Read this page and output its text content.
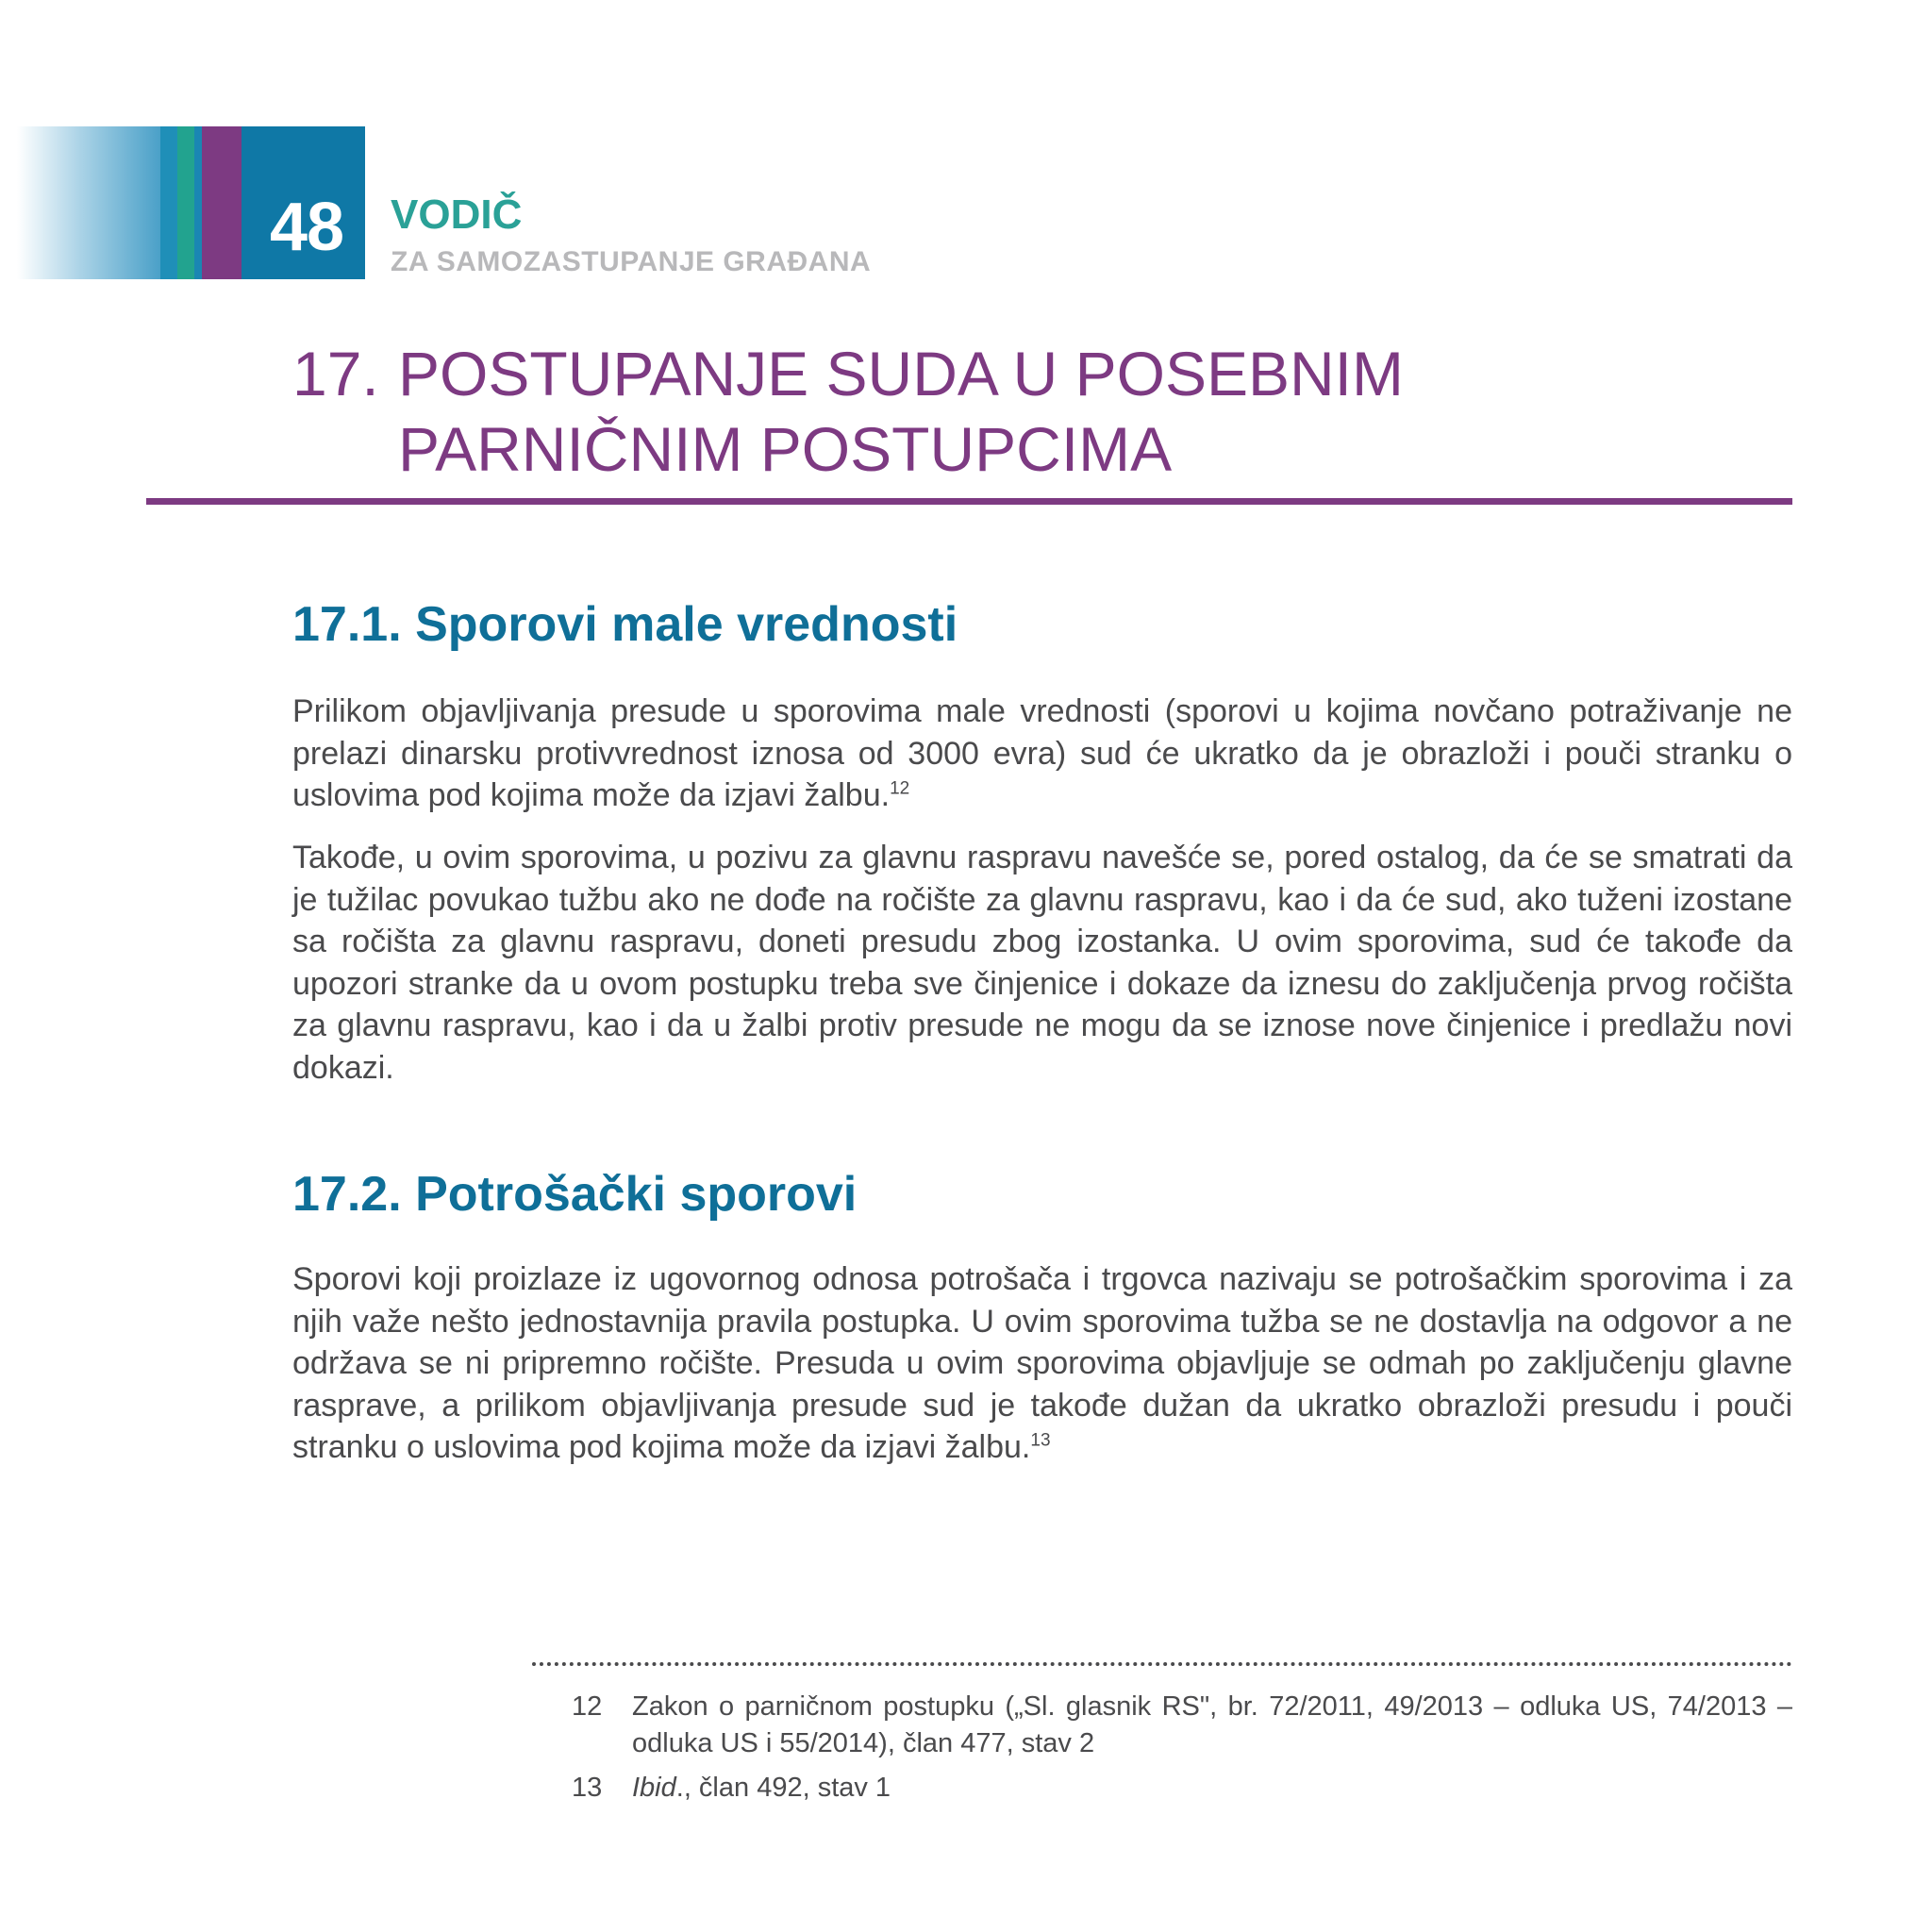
48 VODIČ
ZA SAMOZASTUPANJE GRAĐANA
17. POSTUPANJE SUDA U POSEBNIM
PARNIČNIM POSTUPCIMA
17.1. Sporovi male vrednosti
Prilikom objavljivanja presude u sporovima male vrednosti (sporovi u kojima novčano potraživanje ne prelazi dinarsku protivvrednost iznosa od 3000 evra) sud će ukratko da je obrazloži i pouči stranku o uslovima pod kojima može da izjavi žalbu.$^{12}$
Takođe, u ovim sporovima, u pozivu za glavnu raspravu navešće se, pored ostalog, da će se smatrati da je tužilac povukao tužbu ako ne dođe na ročište za glavnu raspravu, kao i da će sud, ako tuženi izostane sa ročišta za glavnu raspravu, doneti presudu zbog izostanka. U ovim sporovima, sud će takođe da upozori stranke da u ovom postupku treba sve činjenice i dokaze da iznesu do zaključenja prvog ročišta za glavnu raspravu, kao i da u žalbi protiv presude ne mogu da se iznose nove činjenice i predlažu novi dokazi.
17.2. Potrošački sporovi
Sporovi koji proizlaze iz ugovornog odnosa potrošača i trgovca nazivaju se potrošačkim sporovima i za njih važe nešto jednostavnija pravila postupka. U ovim sporovima tužba se ne dostavlja na odgovor a ne održava se ni pripremno ročište. Presuda u ovim sporovima objavljuje se odmah po zaključenju glavne rasprave, a prilikom objavljivanja presude sud je takođe dužan da ukratko obrazloži presudu i pouči stranku o uslovima pod kojima može da izjavi žalbu.$^{13}$
12 Zakon o parničnom postupku („Sl. glasnik RS", br. 72/2011, 49/2013 – odluka US, 74/2013 – odluka US i 55/2014), član 477, stav 2
13 Ibid., član 492, stav 1
